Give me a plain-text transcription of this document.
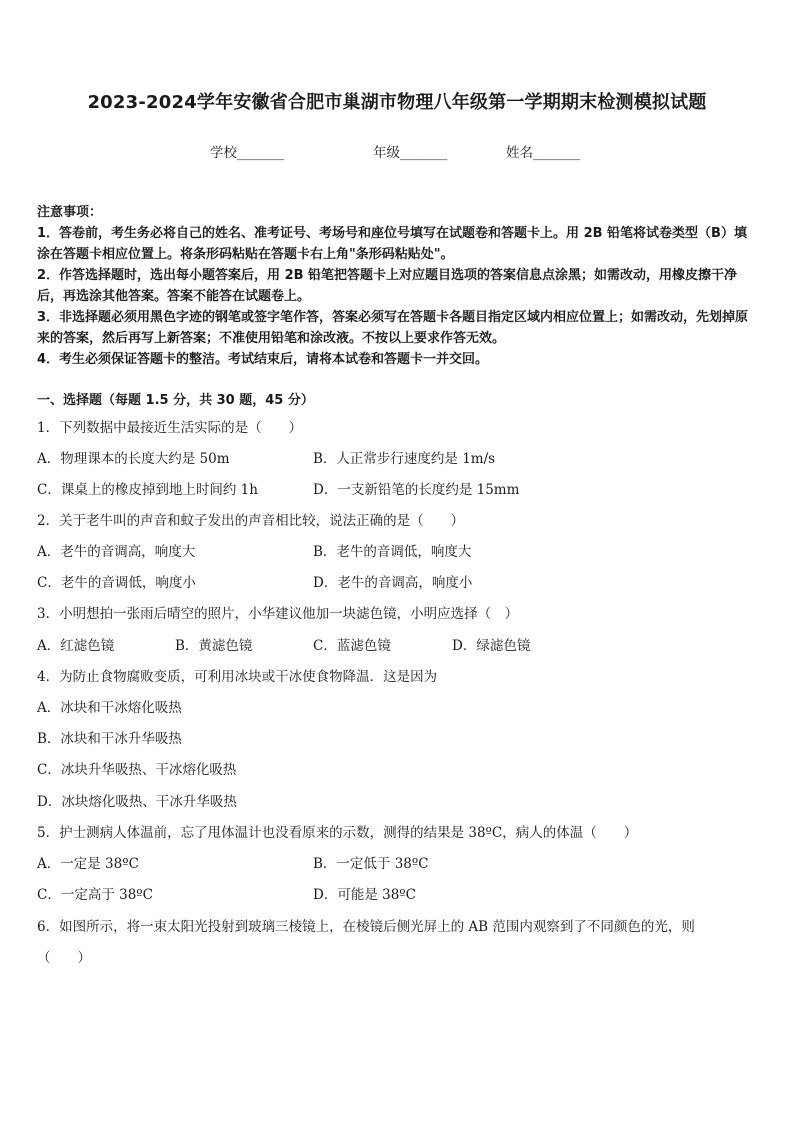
2023-2024学年安徽省合肥市巢湖市物理八年级第一学期期末检测模拟试题
学校_______	年级_______	姓名_______

注意事项：

1．答卷前，考生务必将自己的姓名、准考证号、考场号和座位号填写在试题卷和答题卡上。用 2B 铅笔将试卷类型（B）填涂在答题卡相应位置上。将条形码粘贴在答题卡右上角"条形码粘贴处"。

2．作答选择题时，选出每小题答案后，用 2B 铅笔把答题卡上对应题目选项的答案信息点涂黑；如需改动，用橡皮擦干净后，再选涂其他答案。答案不能答在试题卷上。

3．非选择题必须用黑色字迹的钢笔或签字笔作答，答案必须写在答题卡各题目指定区域内相应位置上；如需改动，先划掉原来的答案，然后再写上新答案；不准使用铅笔和涂改液。不按以上要求作答无效。

4．考生必须保证答题卡的整洁。考试结束后，请将本试卷和答题卡一并交回。

一、选择题（每题 1.5 分，共 30 题，45 分）
1．下列数据中最接近生活实际的是（　　）
A．物理课本的长度大约是 50m	B．人正常步行速度约是 1m/s
C．课桌上的橡皮掉到地上时间约 1h	D．一支新铅笔的长度约是 15mm
2．关于老牛叫的声音和蚊子发出的声音相比较，说法正确的是（　　）
A．老牛的音调高，响度大	B．老牛的音调低，响度大
C．老牛的音调低，响度小	D．老牛的音调高，响度小
3．小明想拍一张雨后晴空的照片，小华建议他加一块滤色镜，小明应选择（　）
A．红滤色镜	B．黄滤色镜	C．蓝滤色镜	D．绿滤色镜
4．为防止食物腐败变质，可利用冰块或干冰使食物降温．这是因为
A．冰块和干冰熔化吸热
B．冰块和干冰升华吸热
C．冰块升华吸热、干冰熔化吸热
D．冰块熔化吸热、干冰升华吸热
5．护士测病人体温前，忘了甩体温计也没看原来的示数，测得的结果是 38ºC，病人的体温（　　）
A．一定是 38ºC	B．一定低于 38ºC
C．一定高于 38ºC	D．可能是 38ºC
6．如图所示，将一束太阳光投射到玻璃三棱镜上，在棱镜后侧光屏上的 AB 范围内观察到了不同颜色的光，则
（　　）
